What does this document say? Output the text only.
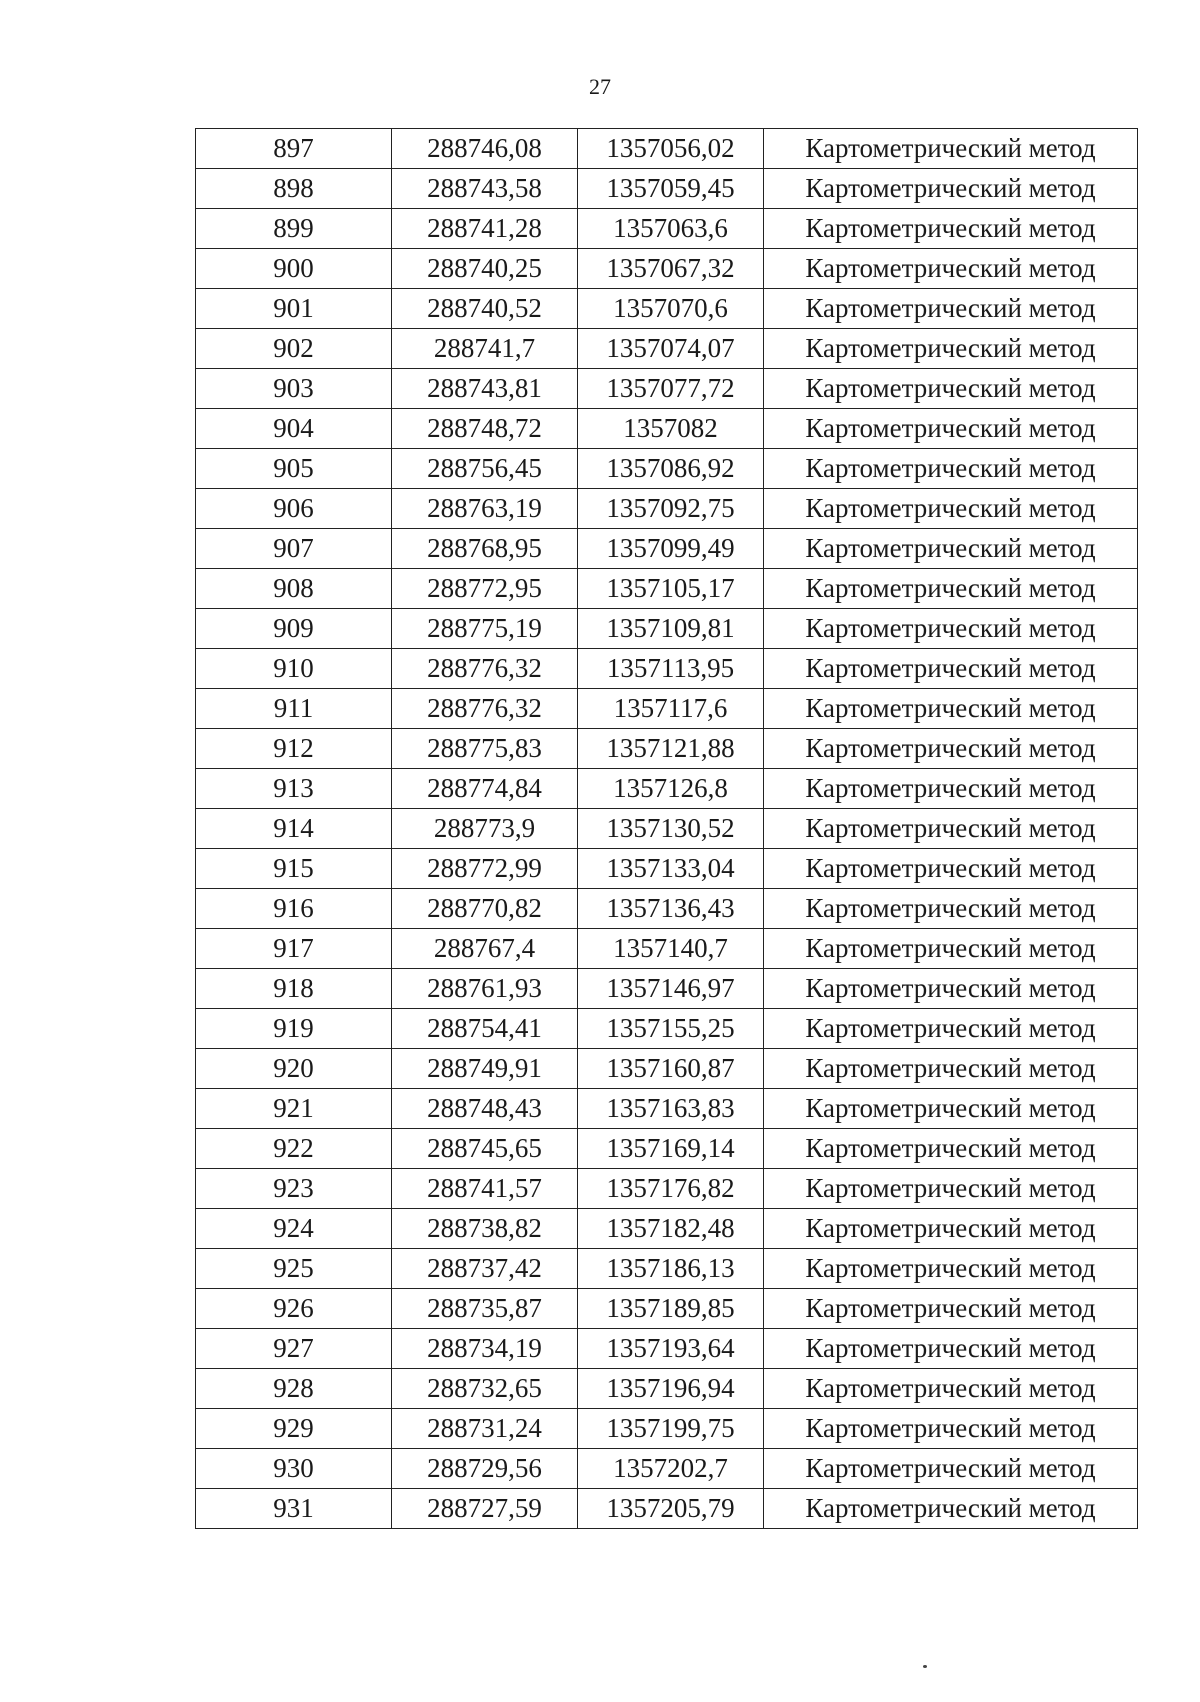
27
897	288746,08	1357056,02	Картометрический метод
898	288743,58	1357059,45	Картометрический метод
899	288741,28	1357063,6	Картометрический метод
900	288740,25	1357067,32	Картометрический метод
901	288740,52	1357070,6	Картометрический метод
902	288741,7	1357074,07	Картометрический метод
903	288743,81	1357077,72	Картометрический метод
904	288748,72	1357082	Картометрический метод
905	288756,45	1357086,92	Картометрический метод
906	288763,19	1357092,75	Картометрический метод
907	288768,95	1357099,49	Картометрический метод
908	288772,95	1357105,17	Картометрический метод
909	288775,19	1357109,81	Картометрический метод
910	288776,32	1357113,95	Картометрический метод
911	288776,32	1357117,6	Картометрический метод
912	288775,83	1357121,88	Картометрический метод
913	288774,84	1357126,8	Картометрический метод
914	288773,9	1357130,52	Картометрический метод
915	288772,99	1357133,04	Картометрический метод
916	288770,82	1357136,43	Картометрический метод
917	288767,4	1357140,7	Картометрический метод
918	288761,93	1357146,97	Картометрический метод
919	288754,41	1357155,25	Картометрический метод
920	288749,91	1357160,87	Картометрический метод
921	288748,43	1357163,83	Картометрический метод
922	288745,65	1357169,14	Картометрический метод
923	288741,57	1357176,82	Картометрический метод
924	288738,82	1357182,48	Картометрический метод
925	288737,42	1357186,13	Картометрический метод
926	288735,87	1357189,85	Картометрический метод
927	288734,19	1357193,64	Картометрический метод
928	288732,65	1357196,94	Картометрический метод
929	288731,24	1357199,75	Картометрический метод
930	288729,56	1357202,7	Картометрический метод
931	288727,59	1357205,79	Картометрический метод
